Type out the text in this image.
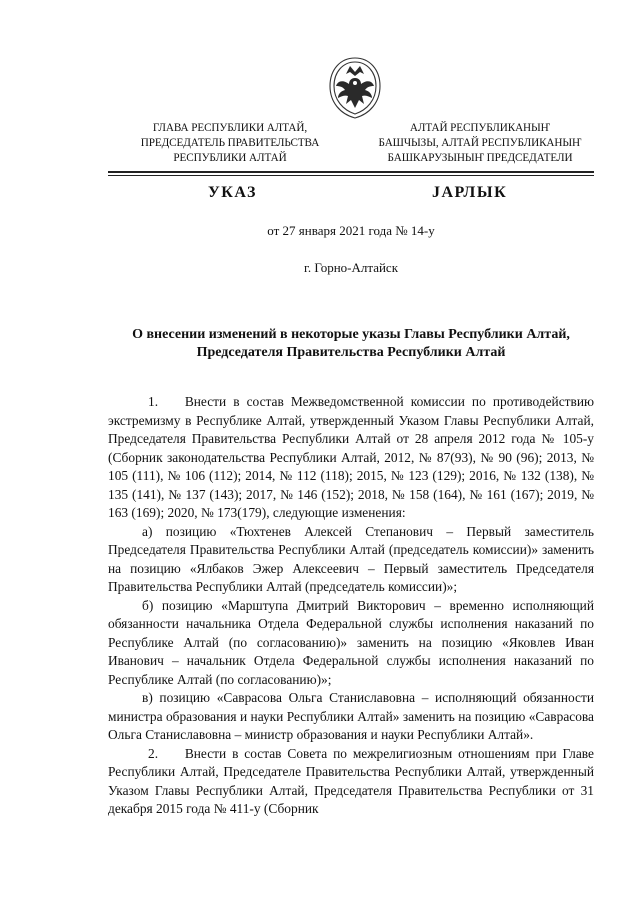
ГЛАВА РЕСПУБЛИКИ АЛТАЙ,
ПРЕДСЕДАТЕЛЬ ПРАВИТЕЛЬСТВА
РЕСПУБЛИКИ АЛТАЙ
АЛТАЙ РЕСПУБЛИКАНЫҤ
БАШЧЫЗЫ, АЛТАЙ РЕСПУБЛИКАНЫҤ
БАШКАРУЗЫНЫҤ ПРЕДСЕДАТЕЛИ
УКАЗ	ЈАРЛЫК
от 27 января 2021 года № 14-у
г. Горно-Алтайск
О внесении изменений в некоторые указы Главы Республики Алтай,
Председателя Правительства Республики Алтай

1.  Внести в состав Межведомственной комиссии по противодействию экстремизму в Республике Алтай, утвержденный Указом Главы Республики Алтай, Председателя Правительства Республики Алтай от 28 апреля 2012 года № 105-у (Сборник законодательства Республики Алтай, 2012, № 87(93), № 90 (96); 2013, № 105 (111), № 106 (112); 2014, № 112 (118); 2015, № 123 (129); 2016, № 132 (138), № 135 (141), № 137 (143); 2017, № 146 (152); 2018, № 158 (164), № 161 (167); 2019, № 163 (169); 2020, № 173(179), следующие изменения:

а) позицию «Тюхтенев Алексей Степанович – Первый заместитель Председателя Правительства Республики Алтай (председатель комиссии)» заменить на позицию «Ялбаков Эжер Алексеевич – Первый заместитель Председателя Правительства Республики Алтай (председатель комиссии)»;

б) позицию «Марштупа Дмитрий Викторович – временно исполняющий обязанности начальника Отдела Федеральной службы исполнения наказаний по Республике Алтай (по согласованию)» заменить на позицию «Яковлев Иван Иванович – начальник Отдела Федеральной службы исполнения наказаний по Республике Алтай (по согласованию)»;

в) позицию «Савраcова Ольга Станиславовна – исполняющий обязанности министра образования и науки Республики Алтай» заменить на позицию «Савраcова Ольга Станиславовна – министр образования и науки Республики Алтай».

2.  Внести в состав Совета по межрелигиозным отношениям при Главе Республики Алтай, Председателе Правительства Республики Алтай, утвержденный Указом Главы Республики Алтай, Председателя Правительства Республики от 31 декабря 2015 года № 411-у (Сборник
